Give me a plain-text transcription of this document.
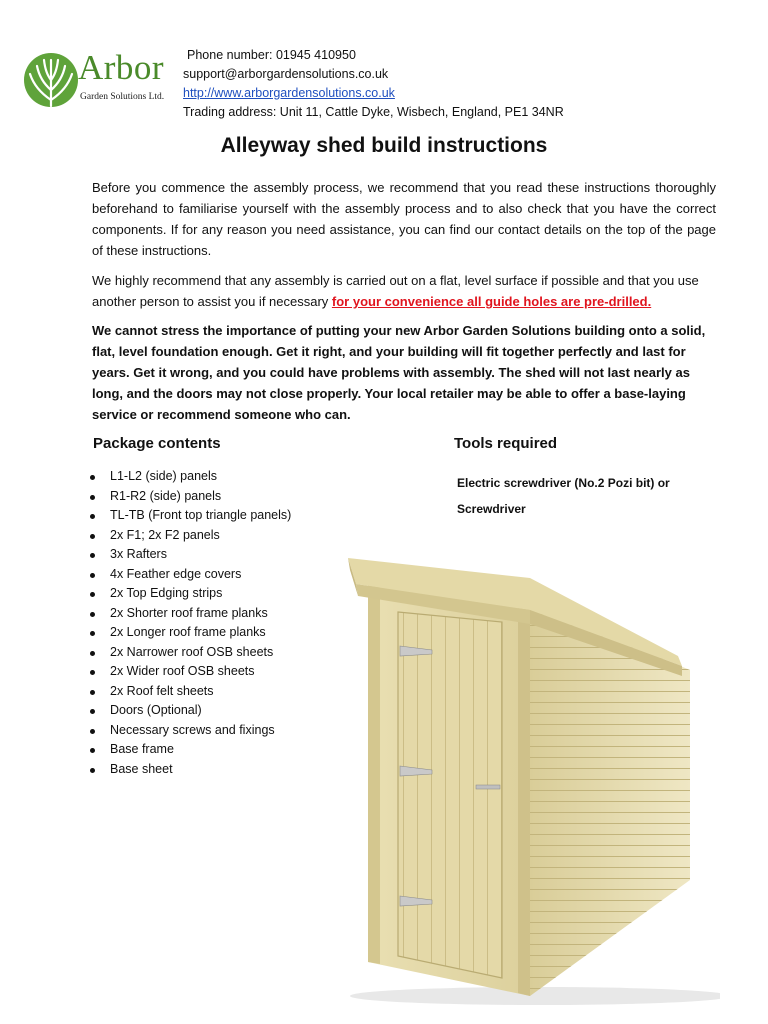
Arbor
Garden Solutions Ltd.
Phone number: 01945 410950
support@arborgardensolutions.co.uk
http://www.arborgardensolutions.co.uk
Trading address: Unit 11, Cattle Dyke, Wisbech, England, PE1 34NR
Alleyway shed build instructions

Before you commence the assembly process, we recommend that you read these instructions thoroughly beforehand to familiarise yourself with the assembly process and to also check that you have the correct components. If for any reason you need assistance, you can find our contact details on the top of the page of these instructions.

We highly recommend that any assembly is carried out on a flat, level surface if possible and that you use another person to assist you if necessary for your convenience all guide holes are pre-drilled.

We cannot stress the importance of putting your new Arbor Garden Solutions building onto a solid, flat, level foundation enough. Get it right, and your building will fit together perfectly and last for years. Get it wrong, and you could have problems with assembly. The shed will not last nearly as long, and the doors may not close properly. Your local retailer may be able to offer a base-laying service or recommend someone who can.

Package contents	Tools required
L1-L2 (side) panels
R1-R2 (side) panels
TL-TB (Front top triangle panels)
2x F1; 2x F2 panels
3x Rafters
4x Feather edge covers
2x Top Edging strips
2x Shorter roof frame planks
2x Longer roof frame planks
2x Narrower roof OSB sheets
2x Wider roof OSB sheets
2x Roof felt sheets
Doors (Optional)
Necessary screws and fixings
Base frame
Base sheet
Electric screwdriver (No.2 Pozi bit) or
Screwdriver
